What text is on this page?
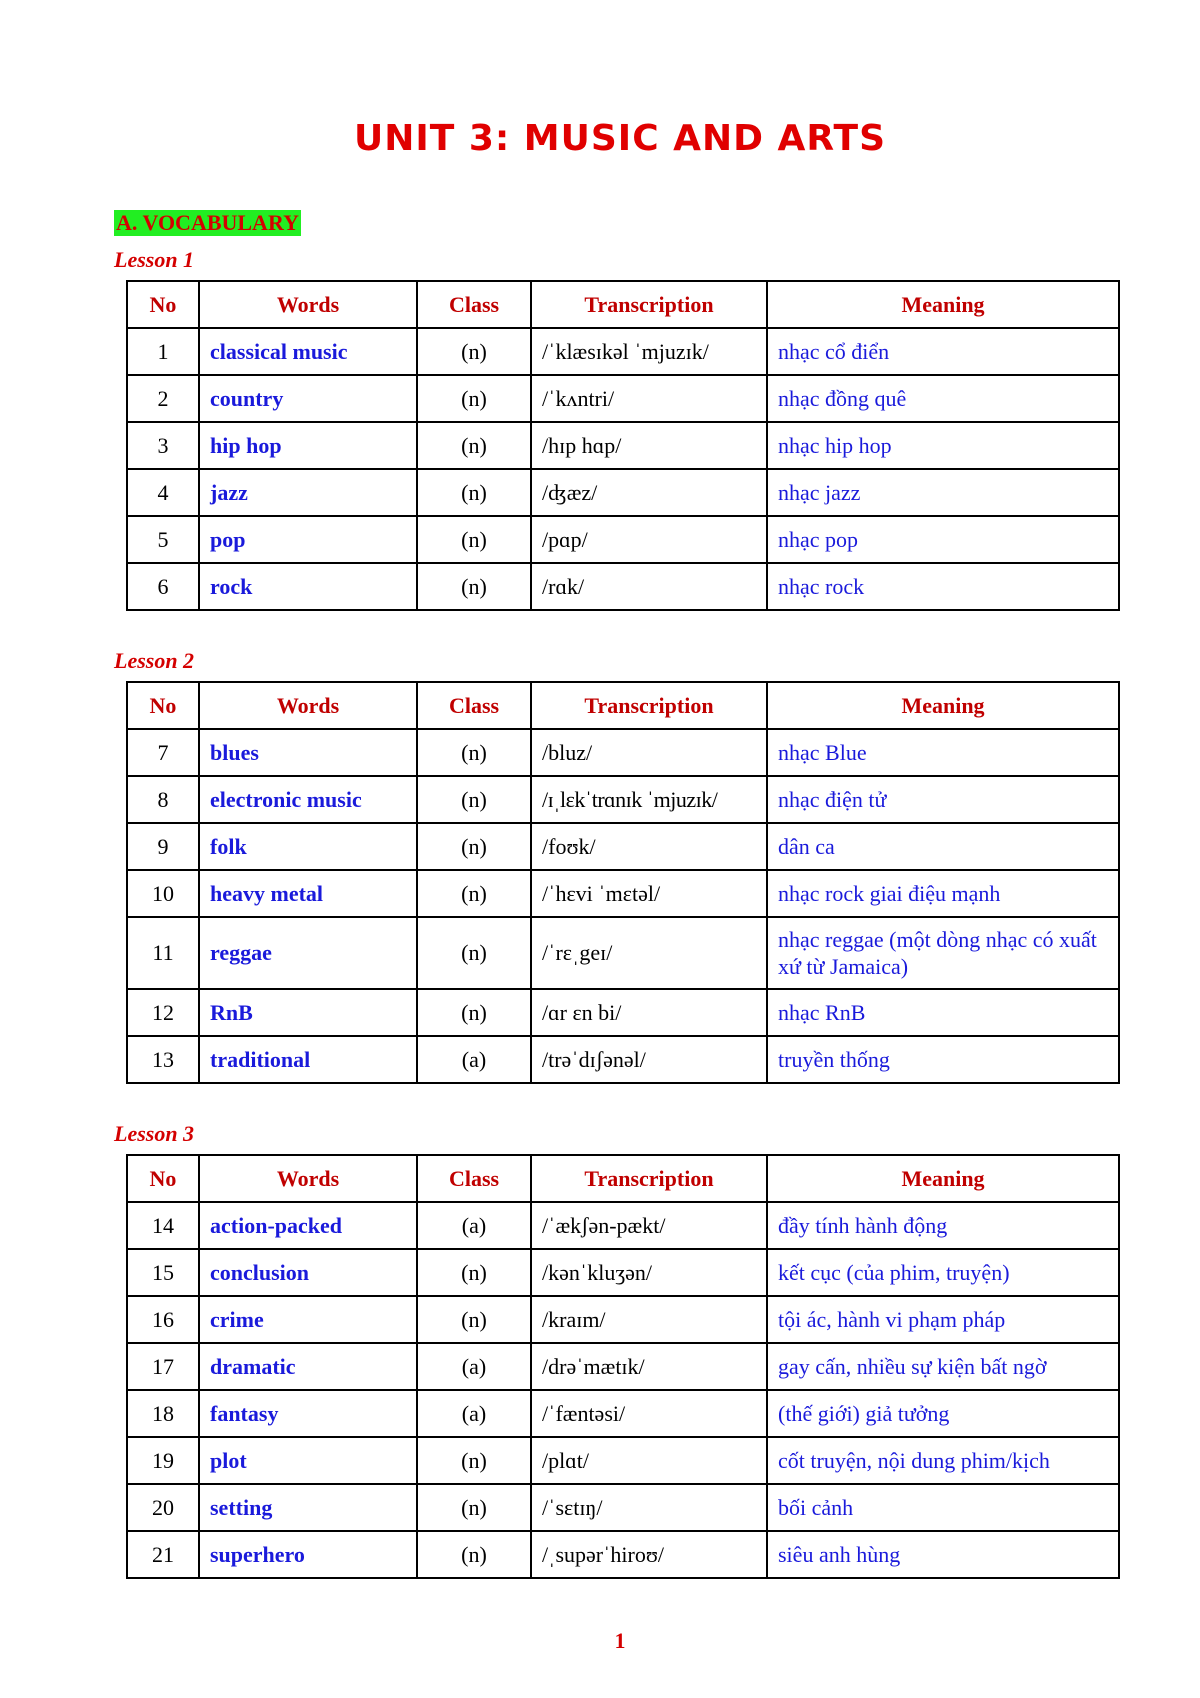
UNIT 3: MUSIC AND ARTS
A. VOCABULARY
Lesson 1
No	Words	Class	Transcription	Meaning
1	classical music	(n)	/ˈklæsɪkəl ˈmjuzɪk/	nhạc cổ điển
2	country	(n)	/ˈkʌntri/	nhạc đồng quê
3	hip hop	(n)	/hɪp hɑp/	nhạc hip hop
4	jazz	(n)	/ʤæz/	nhạc jazz
5	pop	(n)	/pɑp/	nhạc pop
6	rock	(n)	/rɑk/	nhạc rock
Lesson 2
No	Words	Class	Transcription	Meaning
7	blues	(n)	/bluz/	nhạc Blue
8	electronic music	(n)	/ɪˌlɛkˈtrɑnɪk ˈmjuzɪk/	nhạc điện tử
9	folk	(n)	/foʊk/	dân ca
10	heavy metal	(n)	/ˈhɛvi ˈmɛtəl/	nhạc rock giai điệu mạnh
11	reggae	(n)	/ˈrɛˌgeɪ/	nhạc reggae (một dòng nhạc có xuất xứ từ Jamaica)
12	RnB	(n)	/ɑr ɛn bi/	nhạc RnB
13	traditional	(a)	/trəˈdɪʃənəl/	truyền thống
Lesson 3
No	Words	Class	Transcription	Meaning
14	action-packed	(a)	/ˈækʃən-pækt/	đầy tính hành động
15	conclusion	(n)	/kənˈkluʒən/	kết cục (của phim, truyện)
16	crime	(n)	/kraɪm/	tội ác, hành vi phạm pháp
17	dramatic	(a)	/drəˈmætɪk/	gay cấn, nhiều sự kiện bất ngờ
18	fantasy	(a)	/ˈfæntəsi/	(thế giới) giả tưởng
19	plot	(n)	/plɑt/	cốt truyện, nội dung phim/kịch
20	setting	(n)	/ˈsɛtɪŋ/	bối cảnh
21	superhero	(n)	/ˌsupərˈhiroʊ/	siêu anh hùng
1
